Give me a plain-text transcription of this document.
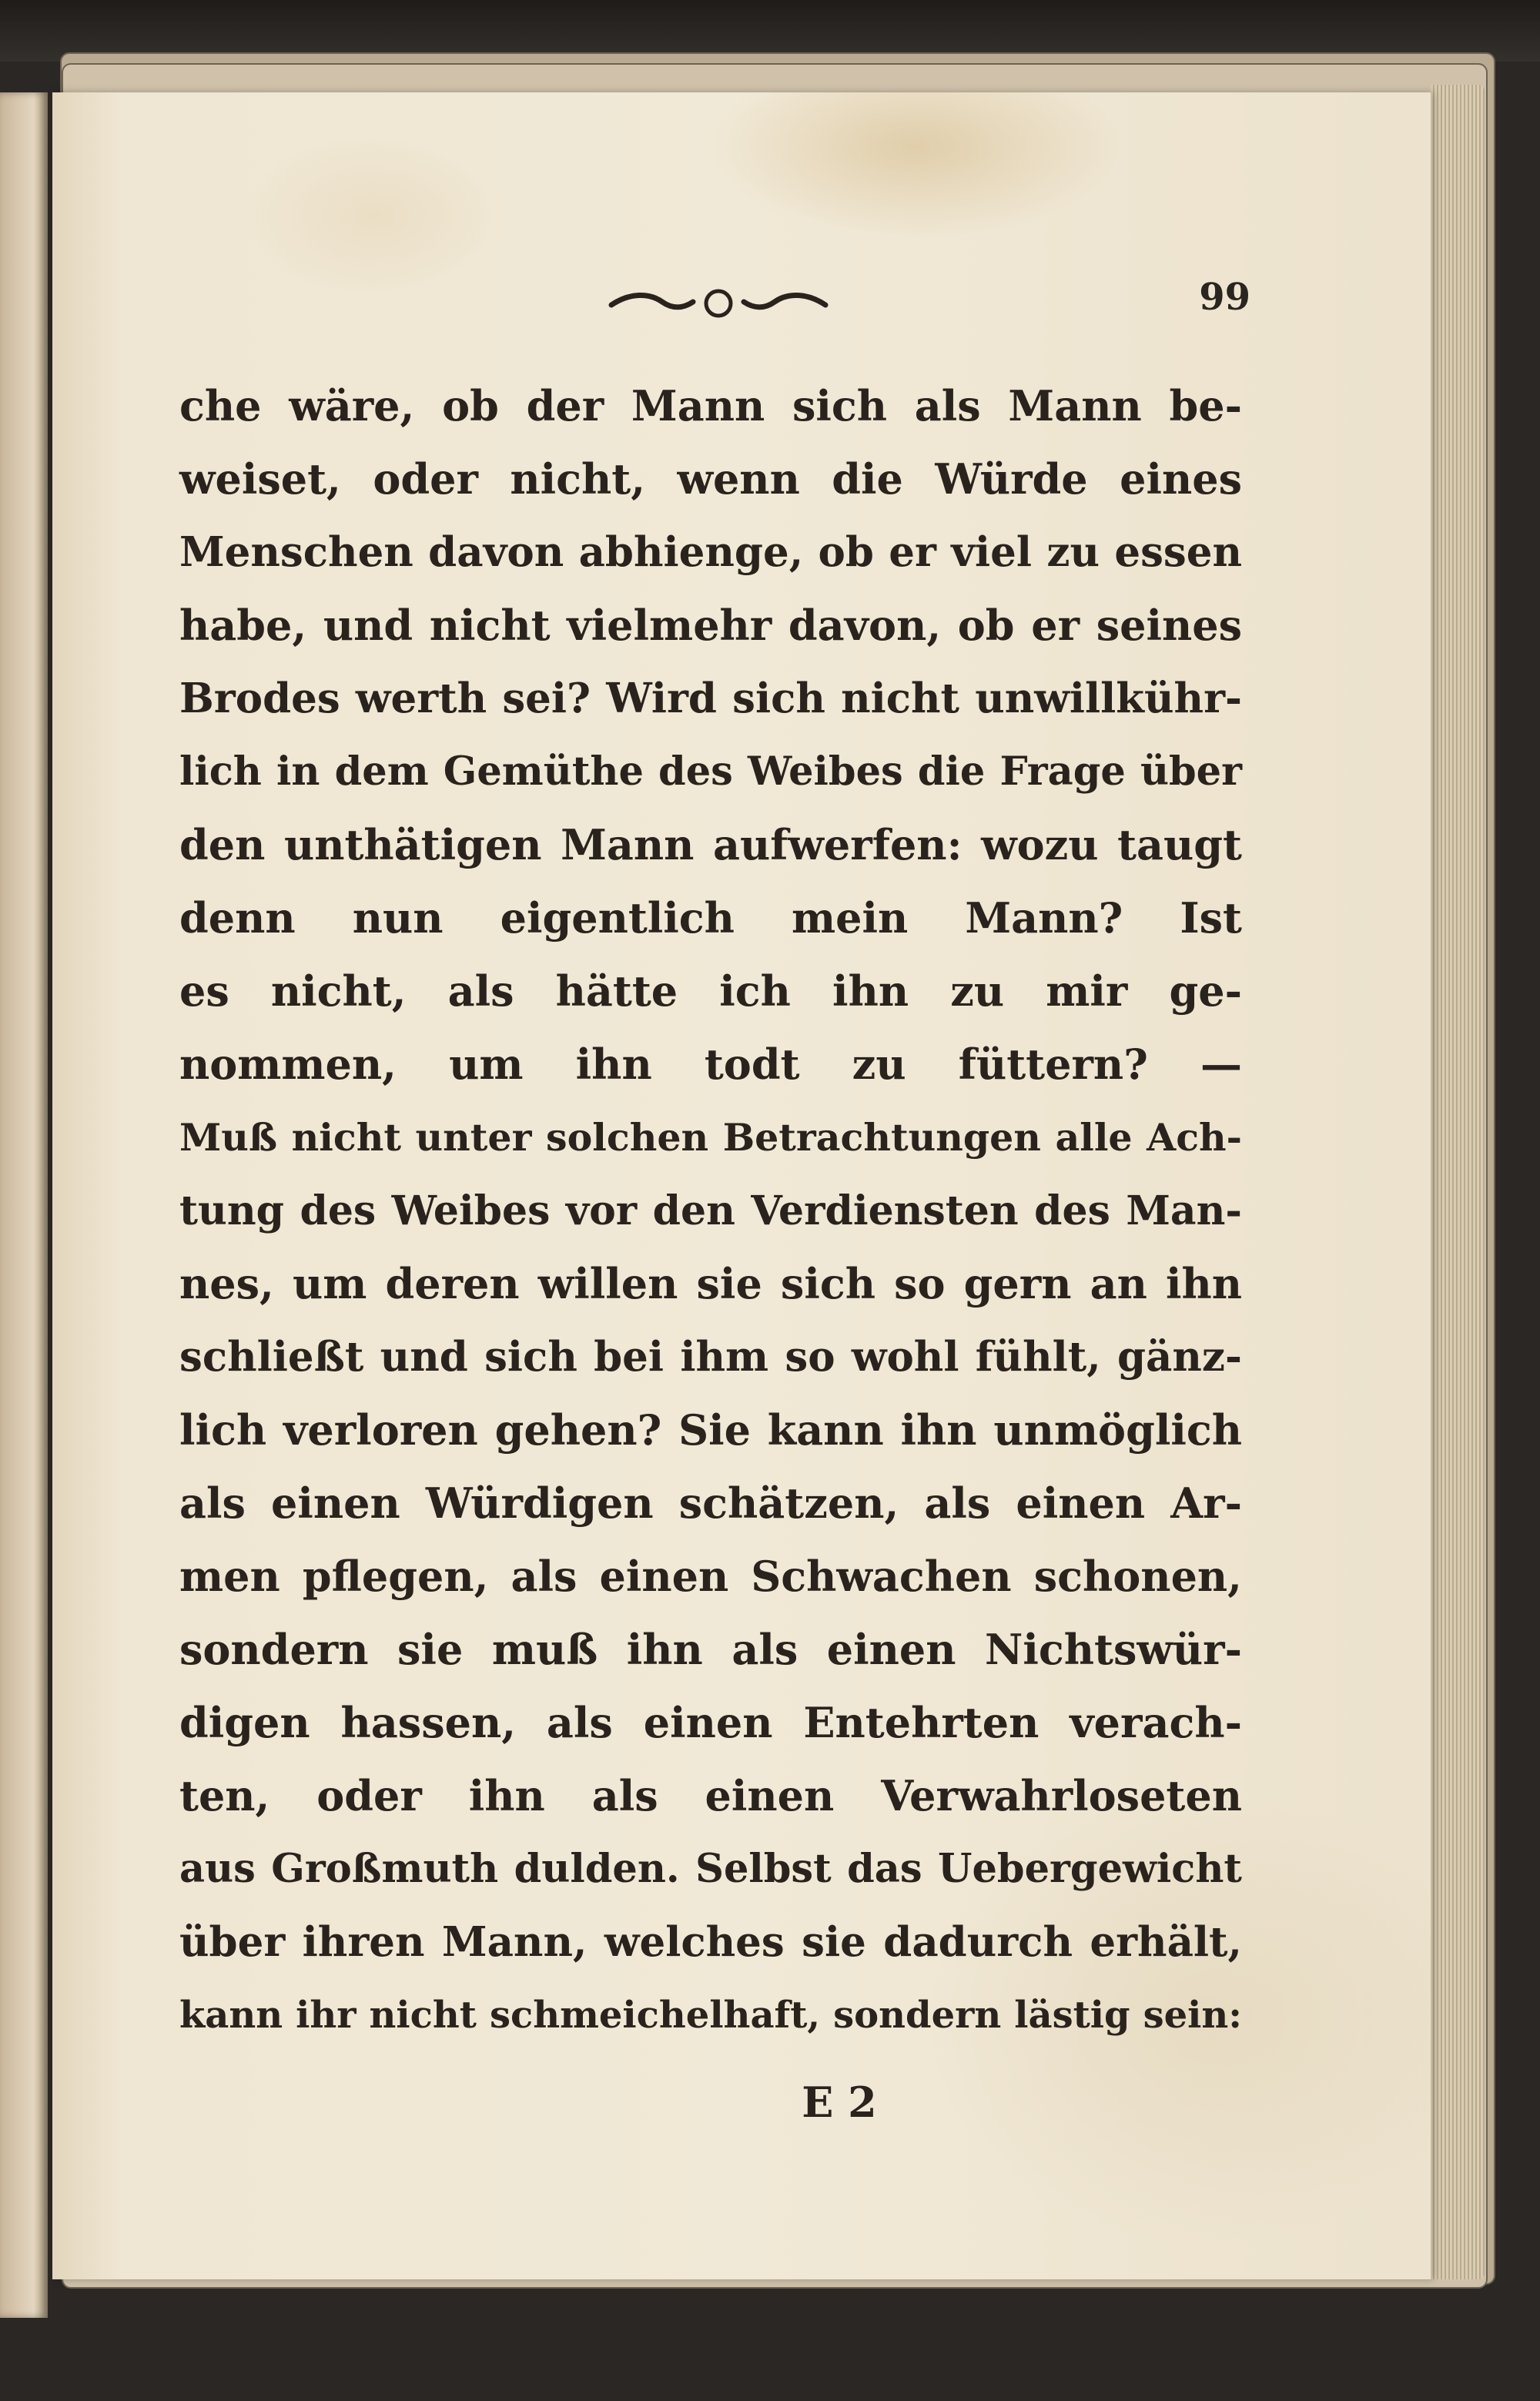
99
che wäre, ob der Mann sich als Mann be-
weiset, oder nicht, wenn die Würde eines
Menschen davon abhienge, ob er viel zu essen
habe, und nicht vielmehr davon, ob er seines
Brodes werth sei? Wird sich nicht unwillkühr-
lich in dem Gemüthe des Weibes die Frage über
den unthätigen Mann aufwerfen: wozu taugt
denn nun eigentlich mein Mann? Ist
es nicht, als hätte ich ihn zu mir ge-
nommen, um ihn todt zu füttern? —
Muß nicht unter solchen Betrachtungen alle Ach-
tung des Weibes vor den Verdiensten des Man-
nes, um deren willen sie sich so gern an ihn
schließt und sich bei ihm so wohl fühlt, gänz-
lich verloren gehen? Sie kann ihn unmöglich
als einen Würdigen schätzen, als einen Ar-
men pflegen, als einen Schwachen schonen,
sondern sie muß ihn als einen Nichtswür-
digen hassen, als einen Entehrten verach-
ten, oder ihn als einen Verwahrloseten
aus Großmuth dulden. Selbst das Uebergewicht
über ihren Mann, welches sie dadurch erhält,
kann ihr nicht schmeichelhaft, sondern lästig sein:
E 2
